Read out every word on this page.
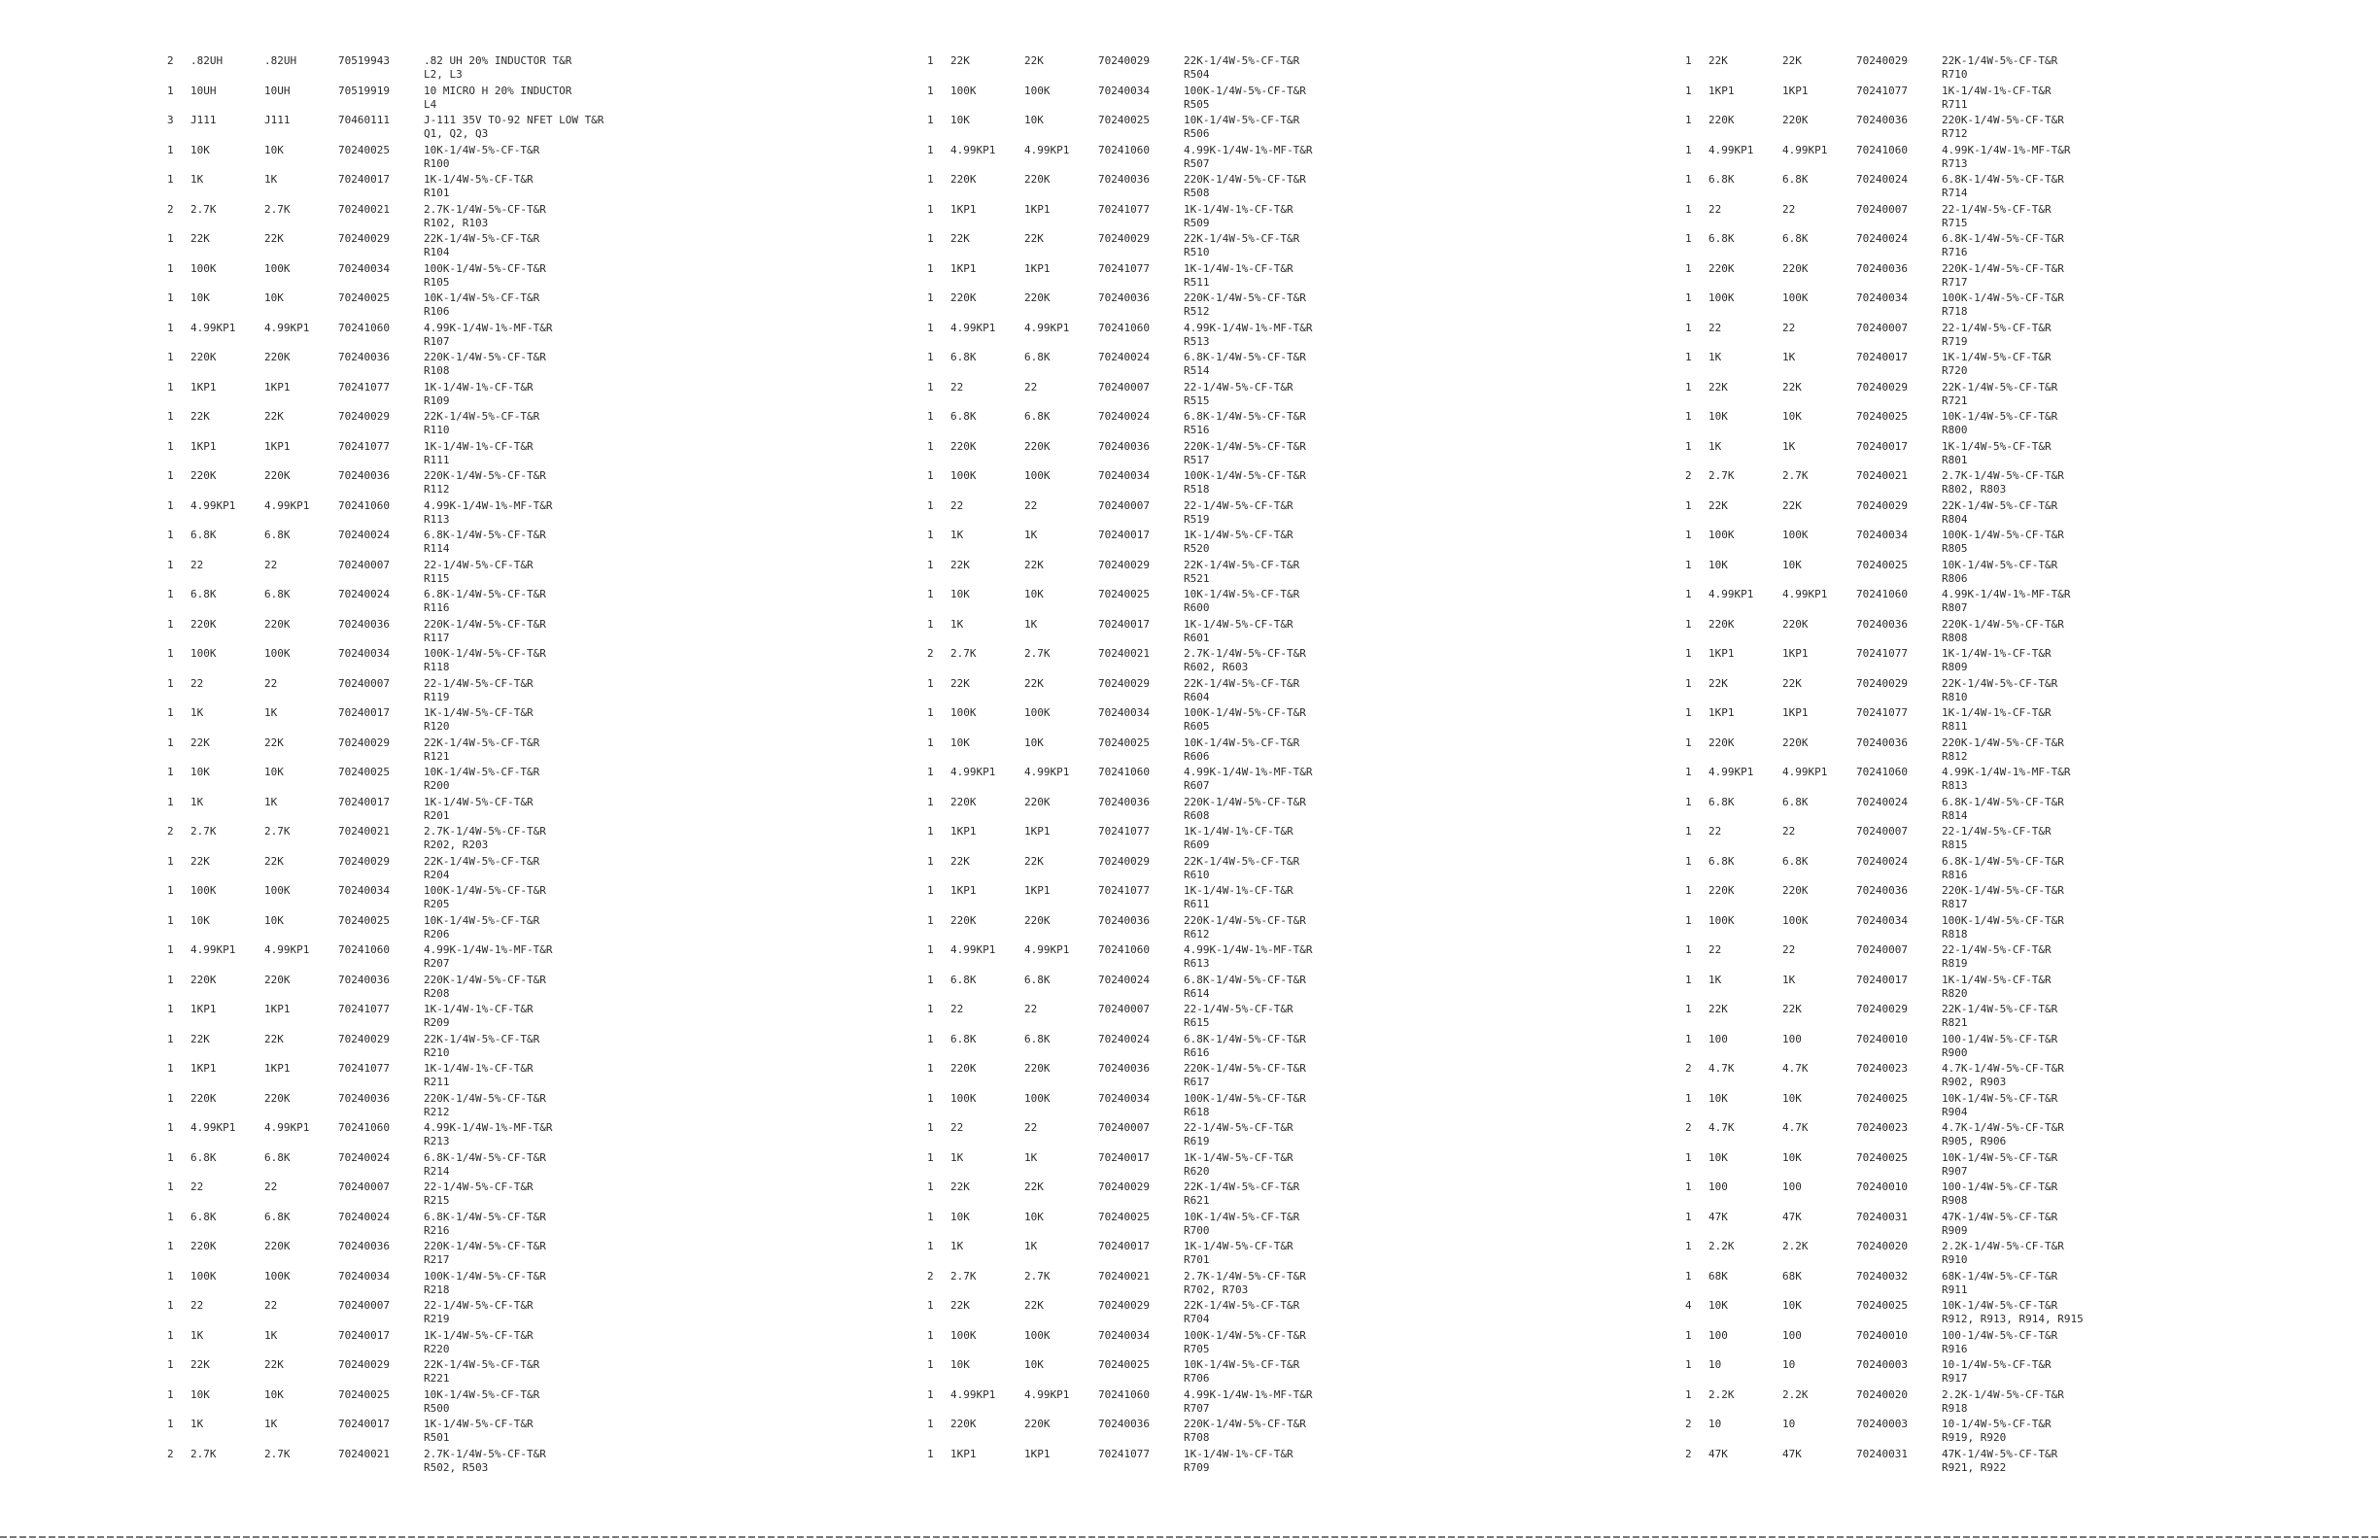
2 .82UH	.82UH	70519943	.82 UH 20% INDUCTOR T&R
L2, L3
1 10UH	10UH	70519919	10 MICRO H 20% INDUCTOR
L4
3 J111	J111	70460111	J-111 35V TO-92 NFET LOW T&R
Q1, Q2, Q3
1 10K	10K	70240025	10K-1/4W-5%-CF-T&R
R100
1 1K	1K	70240017	1K-1/4W-5%-CF-T&R
R101
2 2.7K	2.7K	70240021	2.7K-1/4W-5%-CF-T&R
R102, R103
1 22K	22K	70240029	22K-1/4W-5%-CF-T&R
R104
1 100K	100K	70240034	100K-1/4W-5%-CF-T&R
R105
1 10K	10K	70240025	10K-1/4W-5%-CF-T&R
R106
1 4.99KP1	4.99KP1	70241060	4.99K-1/4W-1%-MF-T&R
R107
1 220K	220K	70240036	220K-1/4W-5%-CF-T&R
R108
1 1KP1	1KP1	70241077	1K-1/4W-1%-CF-T&R
R109
1 22K	22K	70240029	22K-1/4W-5%-CF-T&R
R110
1 1KP1	1KP1	70241077	1K-1/4W-1%-CF-T&R
R111
1 220K	220K	70240036	220K-1/4W-5%-CF-T&R
R112
1 4.99KP1	4.99KP1	70241060	4.99K-1/4W-1%-MF-T&R
R113
1 6.8K	6.8K	70240024	6.8K-1/4W-5%-CF-T&R
R114
1 22	22	70240007	22-1/4W-5%-CF-T&R
R115
1 6.8K	6.8K	70240024	6.8K-1/4W-5%-CF-T&R
R116
1 220K	220K	70240036	220K-1/4W-5%-CF-T&R
R117
1 100K	100K	70240034	100K-1/4W-5%-CF-T&R
R118
1 22	22	70240007	22-1/4W-5%-CF-T&R
R119
1 1K	1K	70240017	1K-1/4W-5%-CF-T&R
R120
1 22K	22K	70240029	22K-1/4W-5%-CF-T&R
R121
1 10K	10K	70240025	10K-1/4W-5%-CF-T&R
R200
1 1K	1K	70240017	1K-1/4W-5%-CF-T&R
R201
2 2.7K	2.7K	70240021	2.7K-1/4W-5%-CF-T&R
R202, R203
1 22K	22K	70240029	22K-1/4W-5%-CF-T&R
R204
1 100K	100K	70240034	100K-1/4W-5%-CF-T&R
R205
1 10K	10K	70240025	10K-1/4W-5%-CF-T&R
R206
1 4.99KP1	4.99KP1	70241060	4.99K-1/4W-1%-MF-T&R
R207
1 220K	220K	70240036	220K-1/4W-5%-CF-T&R
R208
1 1KP1	1KP1	70241077	1K-1/4W-1%-CF-T&R
R209
1 22K	22K	70240029	22K-1/4W-5%-CF-T&R
R210
1 1KP1	1KP1	70241077	1K-1/4W-1%-CF-T&R
R211
1 220K	220K	70240036	220K-1/4W-5%-CF-T&R
R212
1 4.99KP1	4.99KP1	70241060	4.99K-1/4W-1%-MF-T&R
R213
1 6.8K	6.8K	70240024	6.8K-1/4W-5%-CF-T&R
R214
1 22	22	70240007	22-1/4W-5%-CF-T&R
R215
1 6.8K	6.8K	70240024	6.8K-1/4W-5%-CF-T&R
R216
1 220K	220K	70240036	220K-1/4W-5%-CF-T&R
R217
1 100K	100K	70240034	100K-1/4W-5%-CF-T&R
R218
1 22	22	70240007	22-1/4W-5%-CF-T&R
R219
1 1K	1K	70240017	1K-1/4W-5%-CF-T&R
R220
1 22K	22K	70240029	22K-1/4W-5%-CF-T&R
R221
1 10K	10K	70240025	10K-1/4W-5%-CF-T&R
R500
1 1K	1K	70240017	1K-1/4W-5%-CF-T&R
R501
2 2.7K	2.7K	70240021	2.7K-1/4W-5%-CF-T&R
R502, R503
1 22K	22K	70240029	22K-1/4W-5%-CF-T&R
R504
1 100K	100K	70240034	100K-1/4W-5%-CF-T&R
R505
1 10K	10K	70240025	10K-1/4W-5%-CF-T&R
R506
1 4.99KP1	4.99KP1	70241060	4.99K-1/4W-1%-MF-T&R
R507
1 220K	220K	70240036	220K-1/4W-5%-CF-T&R
R508
1 1KP1	1KP1	70241077	1K-1/4W-1%-CF-T&R
R509
1 22K	22K	70240029	22K-1/4W-5%-CF-T&R
R510
1 1KP1	1KP1	70241077	1K-1/4W-1%-CF-T&R
R511
1 220K	220K	70240036	220K-1/4W-5%-CF-T&R
R512
1 4.99KP1	4.99KP1	70241060	4.99K-1/4W-1%-MF-T&R
R513
1 6.8K	6.8K	70240024	6.8K-1/4W-5%-CF-T&R
R514
1 22	22	70240007	22-1/4W-5%-CF-T&R
R515
1 6.8K	6.8K	70240024	6.8K-1/4W-5%-CF-T&R
R516
1 220K	220K	70240036	220K-1/4W-5%-CF-T&R
R517
1 100K	100K	70240034	100K-1/4W-5%-CF-T&R
R518
1 22	22	70240007	22-1/4W-5%-CF-T&R
R519
1 1K	1K	70240017	1K-1/4W-5%-CF-T&R
R520
1 22K	22K	70240029	22K-1/4W-5%-CF-T&R
R521
1 10K	10K	70240025	10K-1/4W-5%-CF-T&R
R600
1 1K	1K	70240017	1K-1/4W-5%-CF-T&R
R601
2 2.7K	2.7K	70240021	2.7K-1/4W-5%-CF-T&R
R602, R603
1 22K	22K	70240029	22K-1/4W-5%-CF-T&R
R604
1 100K	100K	70240034	100K-1/4W-5%-CF-T&R
R605
1 10K	10K	70240025	10K-1/4W-5%-CF-T&R
R606
1 4.99KP1	4.99KP1	70241060	4.99K-1/4W-1%-MF-T&R
R607
1 220K	220K	70240036	220K-1/4W-5%-CF-T&R
R608
1 1KP1	1KP1	70241077	1K-1/4W-1%-CF-T&R
R609
1 22K	22K	70240029	22K-1/4W-5%-CF-T&R
R610
1 1KP1	1KP1	70241077	1K-1/4W-1%-CF-T&R
R611
1 220K	220K	70240036	220K-1/4W-5%-CF-T&R
R612
1 4.99KP1	4.99KP1	70241060	4.99K-1/4W-1%-MF-T&R
R613
1 6.8K	6.8K	70240024	6.8K-1/4W-5%-CF-T&R
R614
1 22	22	70240007	22-1/4W-5%-CF-T&R
R615
1 6.8K	6.8K	70240024	6.8K-1/4W-5%-CF-T&R
R616
1 220K	220K	70240036	220K-1/4W-5%-CF-T&R
R617
1 100K	100K	70240034	100K-1/4W-5%-CF-T&R
R618
1 22	22	70240007	22-1/4W-5%-CF-T&R
R619
1 1K	1K	70240017	1K-1/4W-5%-CF-T&R
R620
1 22K	22K	70240029	22K-1/4W-5%-CF-T&R
R621
1 10K	10K	70240025	10K-1/4W-5%-CF-T&R
R700
1 1K	1K	70240017	1K-1/4W-5%-CF-T&R
R701
2 2.7K	2.7K	70240021	2.7K-1/4W-5%-CF-T&R
R702, R703
1 22K	22K	70240029	22K-1/4W-5%-CF-T&R
R704
1 100K	100K	70240034	100K-1/4W-5%-CF-T&R
R705
1 10K	10K	70240025	10K-1/4W-5%-CF-T&R
R706
1 4.99KP1	4.99KP1	70241060	4.99K-1/4W-1%-MF-T&R
R707
1 220K	220K	70240036	220K-1/4W-5%-CF-T&R
R708
1 1KP1	1KP1	70241077	1K-1/4W-1%-CF-T&R
R709
1 22K	22K	70240029	22K-1/4W-5%-CF-T&R
R710
1 1KP1	1KP1	70241077	1K-1/4W-1%-CF-T&R
R711
1 220K	220K	70240036	220K-1/4W-5%-CF-T&R
R712
1 4.99KP1	4.99KP1	70241060	4.99K-1/4W-1%-MF-T&R
R713
1 6.8K	6.8K	70240024	6.8K-1/4W-5%-CF-T&R
R714
1 22	22	70240007	22-1/4W-5%-CF-T&R
R715
1 6.8K	6.8K	70240024	6.8K-1/4W-5%-CF-T&R
R716
1 220K	220K	70240036	220K-1/4W-5%-CF-T&R
R717
1 100K	100K	70240034	100K-1/4W-5%-CF-T&R
R718
1 22	22	70240007	22-1/4W-5%-CF-T&R
R719
1 1K	1K	70240017	1K-1/4W-5%-CF-T&R
R720
1 22K	22K	70240029	22K-1/4W-5%-CF-T&R
R721
1 10K	10K	70240025	10K-1/4W-5%-CF-T&R
R800
1 1K	1K	70240017	1K-1/4W-5%-CF-T&R
R801
2 2.7K	2.7K	70240021	2.7K-1/4W-5%-CF-T&R
R802, R803
1 22K	22K	70240029	22K-1/4W-5%-CF-T&R
R804
1 100K	100K	70240034	100K-1/4W-5%-CF-T&R
R805
1 10K	10K	70240025	10K-1/4W-5%-CF-T&R
R806
1 4.99KP1	4.99KP1	70241060	4.99K-1/4W-1%-MF-T&R
R807
1 220K	220K	70240036	220K-1/4W-5%-CF-T&R
R808
1 1KP1	1KP1	70241077	1K-1/4W-1%-CF-T&R
R809
1 22K	22K	70240029	22K-1/4W-5%-CF-T&R
R810
1 1KP1	1KP1	70241077	1K-1/4W-1%-CF-T&R
R811
1 220K	220K	70240036	220K-1/4W-5%-CF-T&R
R812
1 4.99KP1	4.99KP1	70241060	4.99K-1/4W-1%-MF-T&R
R813
1 6.8K	6.8K	70240024	6.8K-1/4W-5%-CF-T&R
R814
1 22	22	70240007	22-1/4W-5%-CF-T&R
R815
1 6.8K	6.8K	70240024	6.8K-1/4W-5%-CF-T&R
R816
1 220K	220K	70240036	220K-1/4W-5%-CF-T&R
R817
1 100K	100K	70240034	100K-1/4W-5%-CF-T&R
R818
1 22	22	70240007	22-1/4W-5%-CF-T&R
R819
1 1K	1K	70240017	1K-1/4W-5%-CF-T&R
R820
1 22K	22K	70240029	22K-1/4W-5%-CF-T&R
R821
1 100	100	70240010	100-1/4W-5%-CF-T&R
R900
2 4.7K	4.7K	70240023	4.7K-1/4W-5%-CF-T&R
R902, R903
1 10K	10K	70240025	10K-1/4W-5%-CF-T&R
R904
2 4.7K	4.7K	70240023	4.7K-1/4W-5%-CF-T&R
R905, R906
1 10K	10K	70240025	10K-1/4W-5%-CF-T&R
R907
1 100	100	70240010	100-1/4W-5%-CF-T&R
R908
1 47K	47K	70240031	47K-1/4W-5%-CF-T&R
R909
1 2.2K	2.2K	70240020	2.2K-1/4W-5%-CF-T&R
R910
1 68K	68K	70240032	68K-1/4W-5%-CF-T&R
R911
4 10K	10K	70240025	10K-1/4W-5%-CF-T&R
R912, R913, R914, R915
1 100	100	70240010	100-1/4W-5%-CF-T&R
R916
1 10	10	70240003	10-1/4W-5%-CF-T&R
R917
1 2.2K	2.2K	70240020	2.2K-1/4W-5%-CF-T&R
R918
2 10	10	70240003	10-1/4W-5%-CF-T&R
R919, R920
2 47K	47K	70240031	47K-1/4W-5%-CF-T&R
R921, R922
